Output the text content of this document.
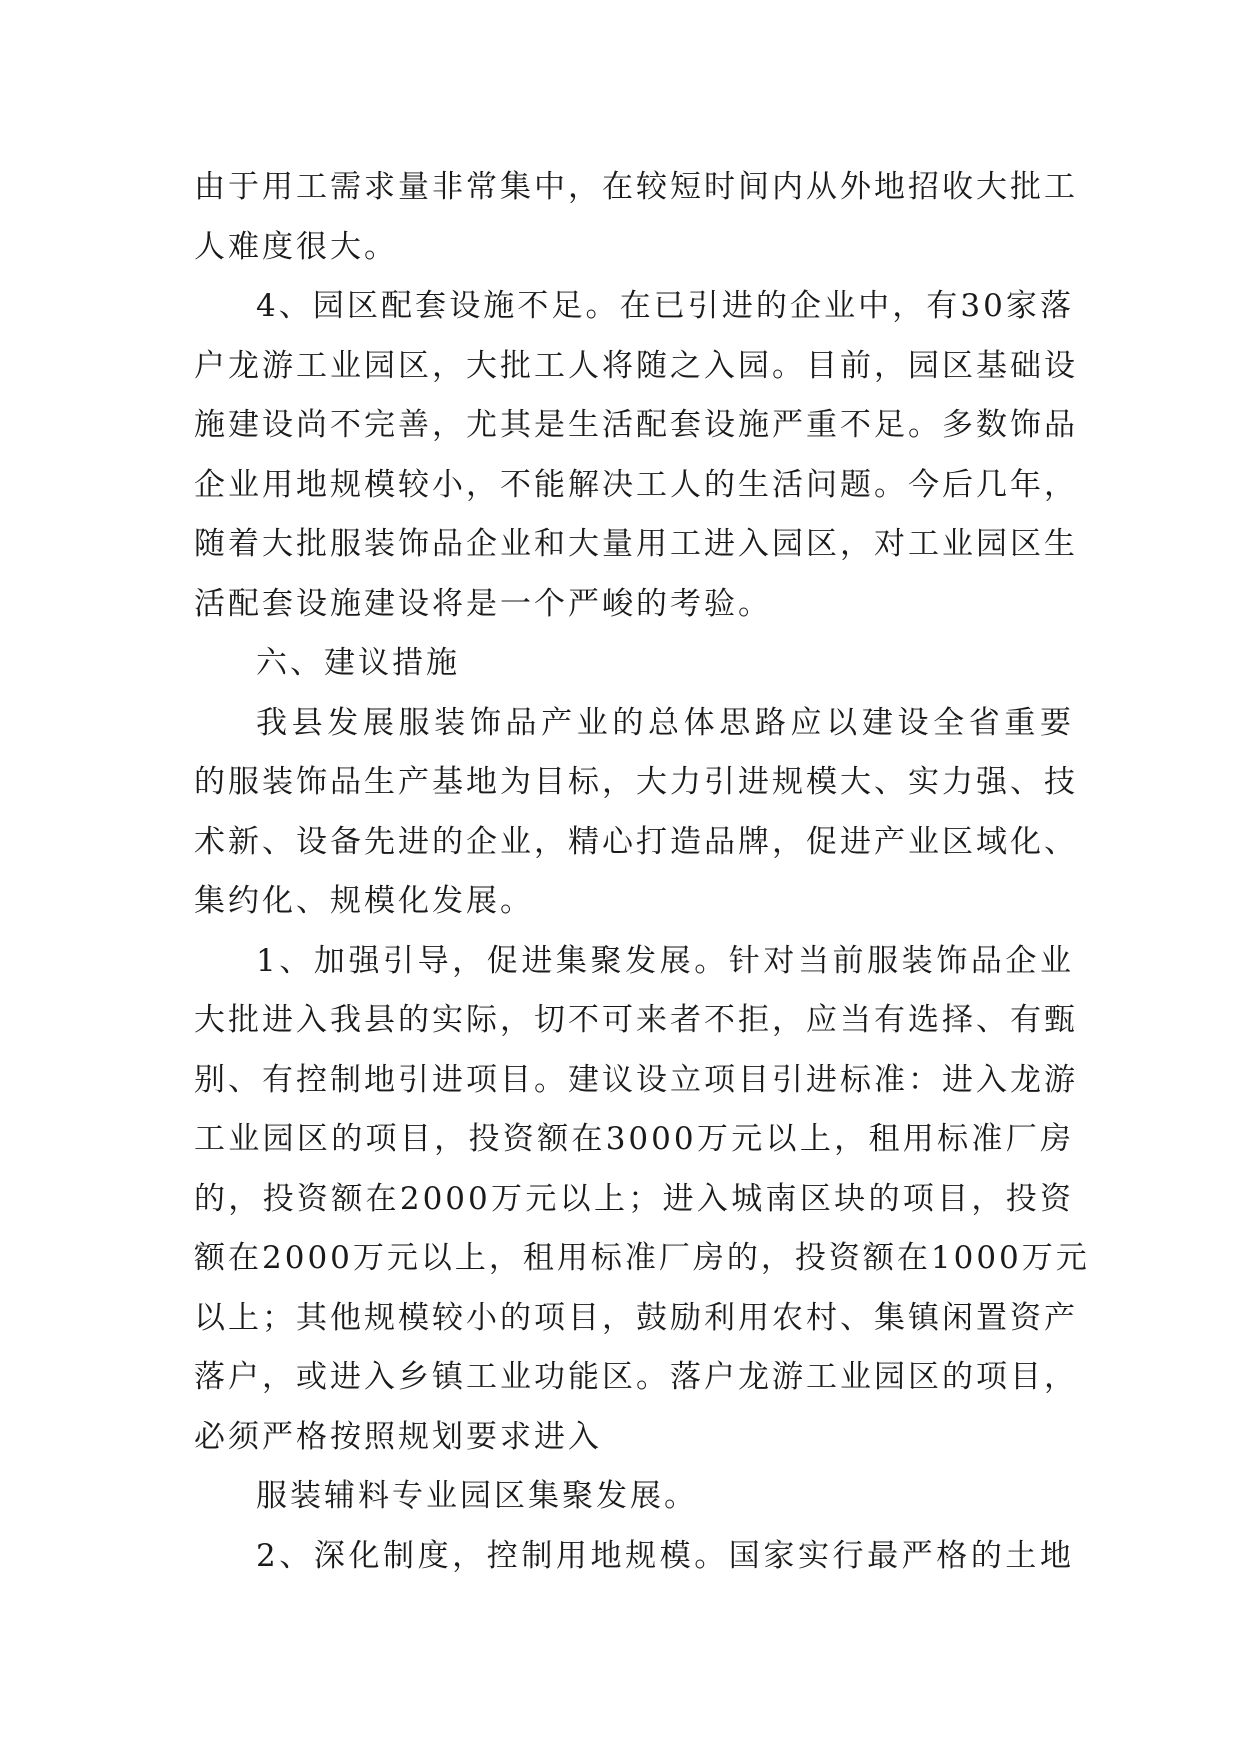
由于用工需求量非常集中，在较短时间内从外地招收大批工
人难度很大。
4、园区配套设施不足。在已引进的企业中，有30家落
户龙游工业园区，大批工人将随之入园。目前，园区基础设
施建设尚不完善，尤其是生活配套设施严重不足。多数饰品
企业用地规模较小，不能解决工人的生活问题。今后几年，
随着大批服装饰品企业和大量用工进入园区，对工业园区生
活配套设施建设将是一个严峻的考验。
六、建议措施
我县发展服装饰品产业的总体思路应以建设全省重要
的服装饰品生产基地为目标，大力引进规模大、实力强、技
术新、设备先进的企业，精心打造品牌，促进产业区域化、
集约化、规模化发展。
1、加强引导，促进集聚发展。针对当前服装饰品企业
大批进入我县的实际，切不可来者不拒，应当有选择、有甄
别、有控制地引进项目。建议设立项目引进标准：进入龙游
工业园区的项目，投资额在3000万元以上，租用标准厂房
的，投资额在2000万元以上；进入城南区块的项目，投资
额在2000万元以上，租用标准厂房的，投资额在1000万元
以上；其他规模较小的项目，鼓励利用农村、集镇闲置资产
落户，或进入乡镇工业功能区。落户龙游工业园区的项目，
必须严格按照规划要求进入
服装辅料专业园区集聚发展。
2、深化制度，控制用地规模。国家实行最严格的土地
